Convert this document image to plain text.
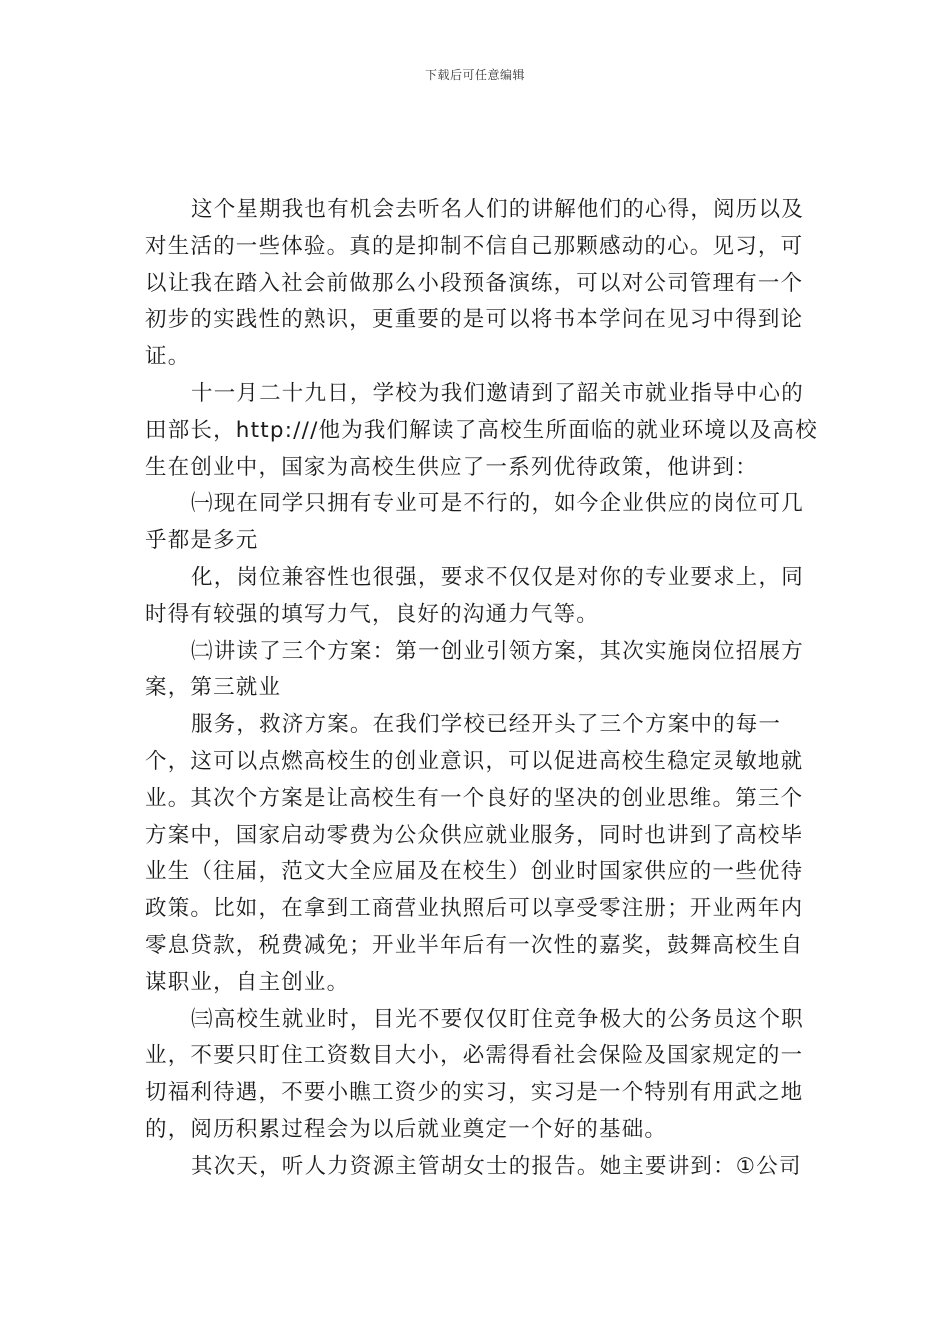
下载后可任意编辑

这个星期我也有机会去听名人们的讲解他们的心得，阅历以及对生活的一些体验。真的是抑制不信自己那颗感动的心。见习，可以让我在踏入社会前做那么小段预备演练，可以对公司管理有一个初步的实践性的熟识，更重要的是可以将书本学问在见习中得到论证。

十一月二十九日，学校为我们邀请到了韶关市就业指导中心的田部长，http:///他为我们解读了高校生所面临的就业环境以及高校生在创业中，国家为高校生供应了一系列优待政策，他讲到：

㈠现在同学只拥有专业可是不行的，如今企业供应的岗位可几乎都是多元

化，岗位兼容性也很强，要求不仅仅是对你的专业要求上，同时得有较强的填写力气，良好的沟通力气等。

㈡讲读了三个方案：第一创业引领方案，其次实施岗位招展方案，第三就业

服务，救济方案。在我们学校已经开头了三个方案中的每一个，这可以点燃高校生的创业意识，可以促进高校生稳定灵敏地就业。其次个方案是让高校生有一个良好的坚决的创业思维。第三个方案中，国家启动零费为公众供应就业服务，同时也讲到了高校毕业生（往届，范文大全应届及在校生）创业时国家供应的一些优待政策。比如，在拿到工商营业执照后可以享受零注册；开业两年内零息贷款，税费减免；开业半年后有一次性的嘉奖，鼓舞高校生自谋职业，自主创业。

㈢高校生就业时，目光不要仅仅盯住竞争极大的公务员这个职业，不要只盯住工资数目大小，必需得看社会保险及国家规定的一切福利待遇，不要小瞧工资少的实习，实习是一个特别有用武之地的，阅历积累过程会为以后就业奠定一个好的基础。

其次天，听人力资源主管胡女士的报告。她主要讲到：①公司
